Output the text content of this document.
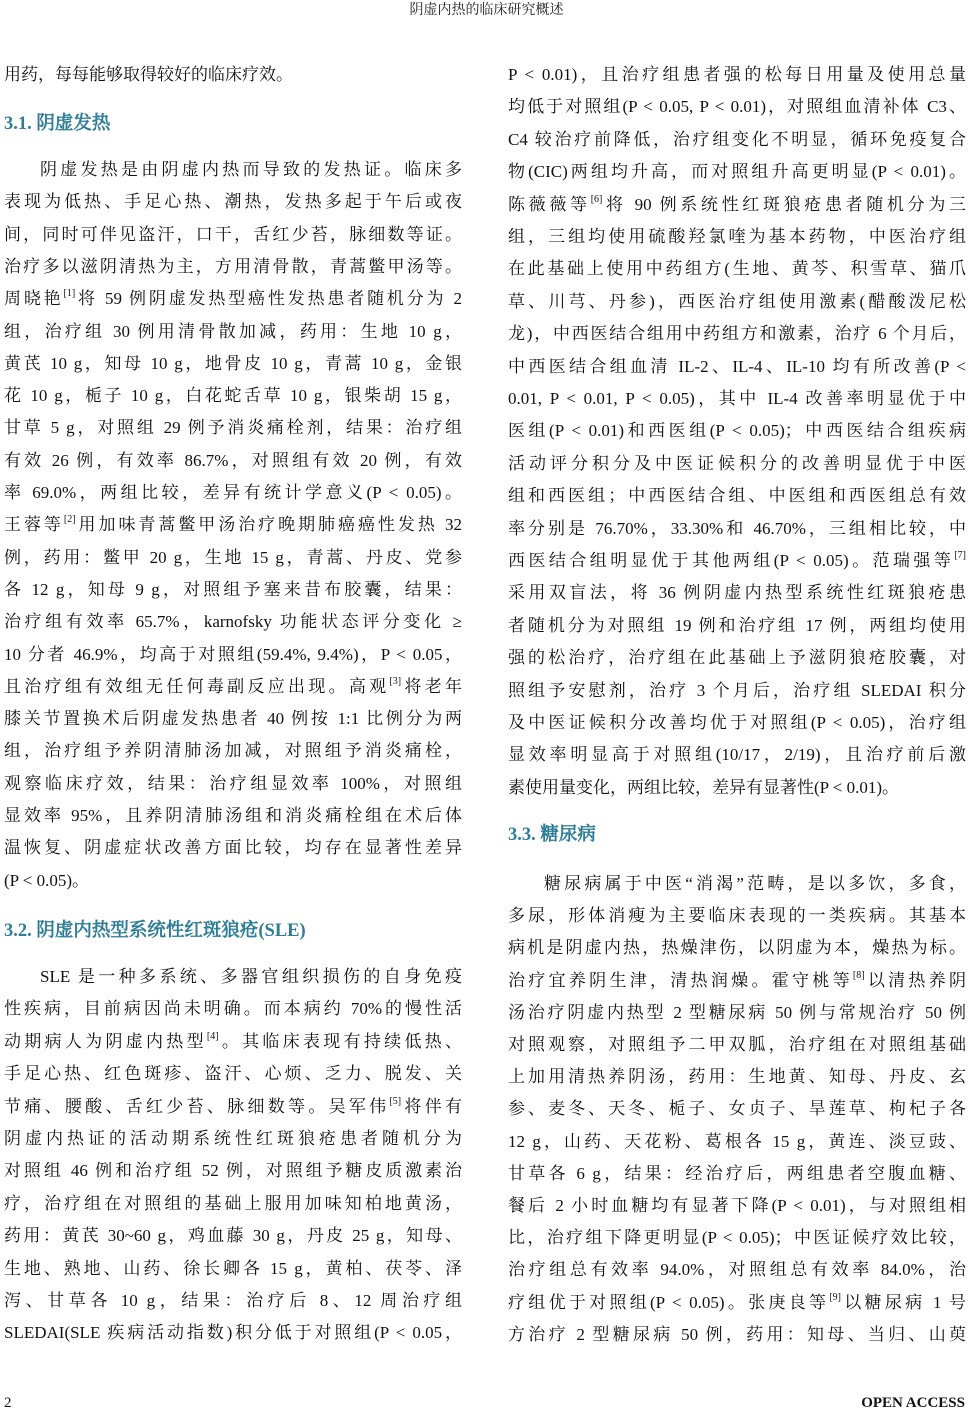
阴虚内热的临床研究概述
用药，每每能够取得较好的临床疗效。
3.1. 阴虚发热
阴虚发热是由阴虚内热而导致的发热证。临床多
表现为低热、手足心热、潮热，发热多起于午后或夜
间，同时可伴见盗汗，口干，舌红少苔，脉细数等证。
治疗多以滋阴清热为主，方用清骨散，青蒿鳖甲汤等。
周晓艳[1]将 59 例阴虚发热型癌性发热患者随机分为 2
组，治疗组 30 例用清骨散加减，药用：生地 10 g，
黄芪 10 g，知母 10 g，地骨皮 10 g，青蒿 10 g，金银
花 10 g，栀子 10 g，白花蛇舌草 10 g，银柴胡 15 g，
甘草 5 g，对照组 29 例予消炎痛栓剂，结果：治疗组
有效 26 例，有效率 86.7%，对照组有效 20 例，有效
率 69.0%，两组比较，差异有统计学意义(P < 0.05)。
王蓉等[2]用加味青蒿鳖甲汤治疗晚期肺癌癌性发热 32
例，药用：鳖甲 20 g，生地 15 g，青蒿、丹皮、党参
各 12 g，知母 9 g，对照组予塞来昔布胶囊，结果：
治疗组有效率 65.7%，karnofsky 功能状态评分变化 ≥
10 分者 46.9%，均高于对照组(59.4%, 9.4%)，P < 0.05，
且治疗组有效组无任何毒副反应出现。高观[3]将老年
膝关节置换术后阴虚发热患者 40 例按 1:1 比例分为两
组，治疗组予养阴清肺汤加减，对照组予消炎痛栓，
观察临床疗效，结果：治疗组显效率 100%，对照组
显效率 95%，且养阴清肺汤组和消炎痛栓组在术后体
温恢复、阴虚症状改善方面比较，均存在显著性差异
(P < 0.05)。
3.2. 阴虚内热型系统性红斑狼疮(SLE)
SLE 是一种多系统、多器官组织损伤的自身免疫
性疾病，目前病因尚未明确。而本病约 70%的慢性活
动期病人为阴虚内热型[4]。其临床表现有持续低热、
手足心热、红色斑疹、盗汗、心烦、乏力、脱发、关
节痛、腰酸、舌红少苔、脉细数等。吴军伟[5]将伴有
阴虚内热证的活动期系统性红斑狼疮患者随机分为
对照组 46 例和治疗组 52 例，对照组予糖皮质激素治
疗，治疗组在对照组的基础上服用加味知柏地黄汤，
药用：黄芪 30~60 g，鸡血藤 30 g，丹皮 25 g，知母、
生地、熟地、山药、徐长卿各 15 g，黄柏、茯苓、泽
泻、甘草各 10 g，结果：治疗后 8、12 周治疗组
SLEDAI(SLE 疾病活动指数)积分低于对照组(P < 0.05，
P < 0.01)，且治疗组患者强的松每日用量及使用总量
均低于对照组(P < 0.05, P < 0.01)，对照组血清补体 C3、
C4 较治疗前降低，治疗组变化不明显，循环免疫复合
物(CIC)两组均升高，而对照组升高更明显(P < 0.01)。
陈薇薇等[6]将 90 例系统性红斑狼疮患者随机分为三
组，三组均使用硫酸羟氯喹为基本药物，中医治疗组
在此基础上使用中药组方(生地、黄芩、积雪草、猫爪
草、川芎、丹参)，西医治疗组使用激素(醋酸泼尼松
龙)，中西医结合组用中药组方和激素，治疗 6 个月后，
中西医结合组血清 IL-2、IL-4、IL-10 均有所改善(P <
0.01, P < 0.01, P < 0.05)，其中 IL-4 改善率明显优于中
医组(P < 0.01)和西医组(P < 0.05)；中西医结合组疾病
活动评分积分及中医证候积分的改善明显优于中医
组和西医组；中西医结合组、中医组和西医组总有效
率分别是 76.70%，33.30%和 46.70%，三组相比较，中
西医结合组明显优于其他两组(P < 0.05)。范瑞强等[7]
采用双盲法，将 36 例阴虚内热型系统性红斑狼疮患
者随机分为对照组 19 例和治疗组 17 例，两组均使用
强的松治疗，治疗组在此基础上予滋阴狼疮胶囊，对
照组予安慰剂，治疗 3 个月后，治疗组 SLEDAI 积分
及中医证候积分改善均优于对照组(P < 0.05)，治疗组
显效率明显高于对照组(10/17，2/19)，且治疗前后激
素使用量变化，两组比较，差异有显著性(P < 0.01)。
3.3. 糖尿病
糖尿病属于中医“消渴”范畴，是以多饮，多食，
多尿，形体消瘦为主要临床表现的一类疾病。其基本
病机是阴虚内热，热燥津伤，以阴虚为本，燥热为标。
治疗宜养阴生津，清热润燥。霍守桃等[8]以清热养阴
汤治疗阴虚内热型 2 型糖尿病 50 例与常规治疗 50 例
对照观察，对照组予二甲双胍，治疗组在对照组基础
上加用清热养阴汤，药用：生地黄、知母、丹皮、玄
参、麦冬、天冬、栀子、女贞子、旱莲草、枸杞子各
12 g，山药、天花粉、葛根各 15 g，黄连、淡豆豉、
甘草各 6 g，结果：经治疗后，两组患者空腹血糖、
餐后 2 小时血糖均有显著下降(P < 0.01)，与对照组相
比，治疗组下降更明显(P < 0.05)；中医证候疗效比较，
治疗组总有效率 94.0%，对照组总有效率 84.0%，治
疗组优于对照组(P < 0.05)。张庚良等[9]以糖尿病 1 号
方治疗 2 型糖尿病 50 例，药用：知母、当归、山萸
2	OPEN ACCESS
